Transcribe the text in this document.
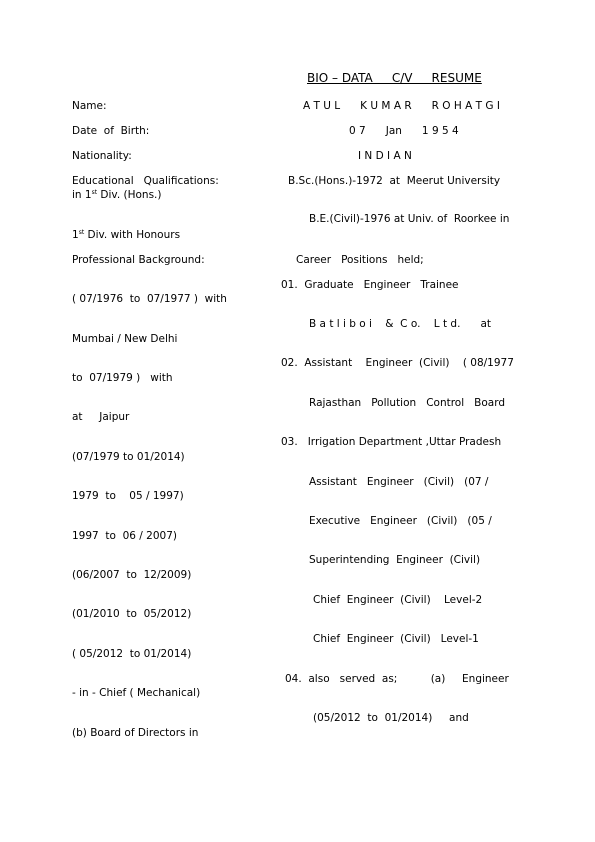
BIO – DATA     C/V     RESUME
Name:	A T U L      K U M A R      R O H A T G I
Date  of  Birth:	0 7      Jan      1 9 5 4
Nationality:	I N D I A N
Educational   Qualifications:	B.Sc.(Hons.)-1972  at  Meerut University
in 1st Div. (Hons.)
B.E.(Civil)-1976 at Univ. of  Roorkee in
1st Div. with Honours
Professional Background:	Career   Positions   held;
01.  Graduate   Engineer   Trainee
( 07/1976  to  07/1977 )  with
B a t l i b o i    &  C o.    L t d.      at
Mumbai / New Delhi
02.  Assistant    Engineer  (Civil)    ( 08/1977
to  07/1979 )   with
Rajasthan   Pollution   Control   Board
at     Jaipur
03.   Irrigation Department ,Uttar Pradesh
(07/1979 to 01/2014)
Assistant   Engineer   (Civil)   (07 /
1979  to    05 / 1997)
Executive   Engineer   (Civil)   (05 /
1997  to  06 / 2007)
Superintending  Engineer  (Civil)
(06/2007  to  12/2009)
Chief  Engineer  (Civil)    Level-2
(01/2010  to  05/2012)
Chief  Engineer  (Civil)   Level-1
( 05/2012  to 01/2014)
04.  also   served  as;          (a)     Engineer
- in - Chief ( Mechanical)
(05/2012  to  01/2014)     and
(b) Board of Directors in
